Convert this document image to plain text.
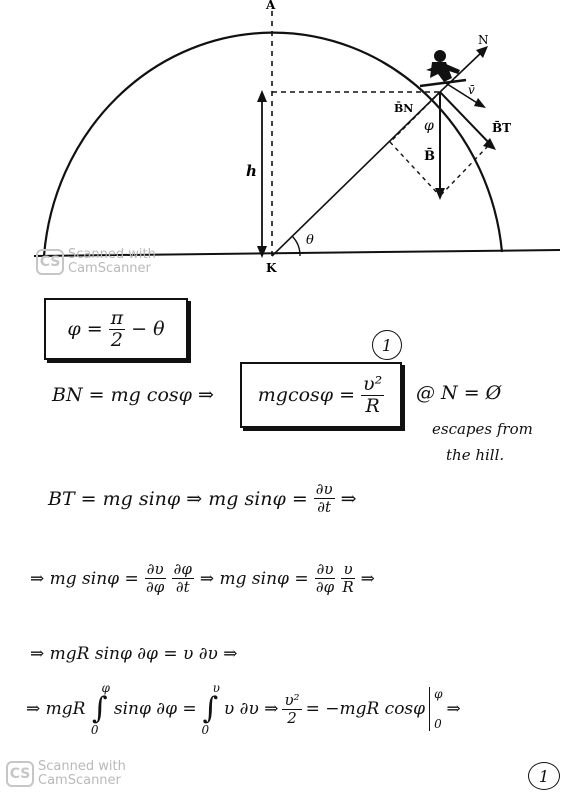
A
K
h
θ
φ
N
v̄
B̄
B̄T
B̄N
CS Scanned with
CamScanner
$\varphi = \frac{\pi}{2} - \theta$
1
BN = mg cosφ ⇒ $mgcos\varphi = \frac{\text{υ²}}{R}$ @ N = Ø
escapes from
the hill.
BT = mg sinφ ⇒ mg $\sin\varphi = \frac{\partial\upsilon}{\partial t}$ ⇒
⇒ mg $\sin\varphi = \frac{\partial\upsilon}{\partial\varphi} \frac{\partial\varphi}{\partial t}$ ⇒ mg $\sin\varphi = \frac{\partial\upsilon}{\partial\varphi} \frac{\upsilon}{R}$ ⇒
⇒ mgR sinφ ∂φ = υ ∂υ ⇒
⇒ mgR
φ
∫
0
sinφ ∂φ =
υ
∫
0
υ ∂υ ⇒ $\frac{\text{υ²}}{2} = -mgR$ cosφ
φ
0
⇒
CS Scanned with
CamScanner	1
